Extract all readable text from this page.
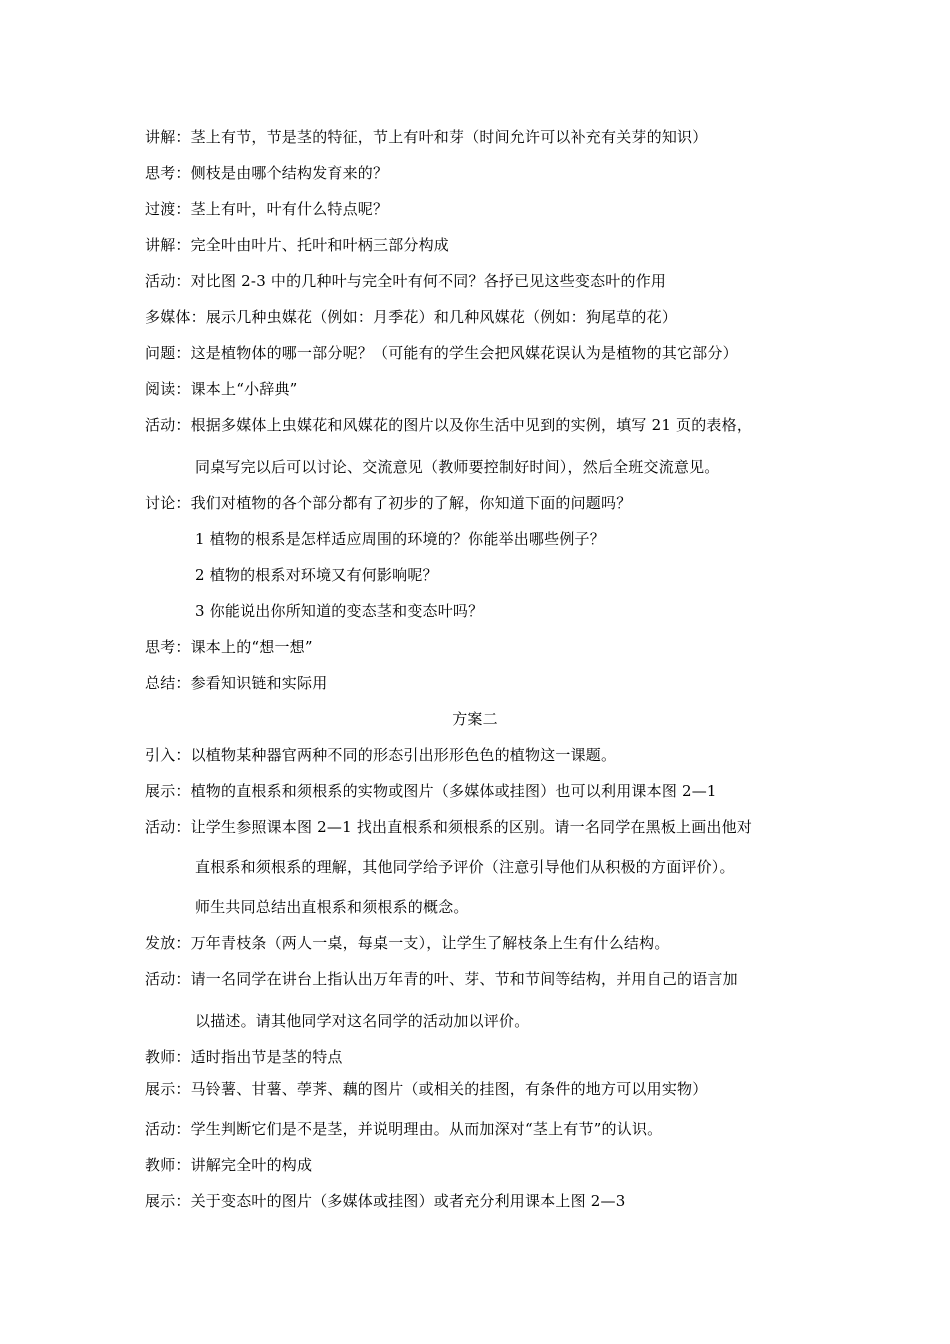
讲解：茎上有节，节是茎的特征，节上有叶和芽（时间允许可以补充有关芽的知识）
思考：侧枝是由哪个结构发育来的？
过渡：茎上有叶，叶有什么特点呢？
讲解：完全叶由叶片、托叶和叶柄三部分构成
活动：对比图 2-3 中的几种叶与完全叶有何不同？各抒已见这些变态叶的作用
多媒体：展示几种虫媒花（例如：月季花）和几种风媒花（例如：狗尾草的花）
问题：这是植物体的哪一部分呢？（可能有的学生会把风媒花误认为是植物的其它部分）
阅读：课本上“小辞典”
活动：根据多媒体上虫媒花和风媒花的图片以及你生活中见到的实例，填写 21 页的表格，
同桌写完以后可以讨论、交流意见（教师要控制好时间），然后全班交流意见。
讨论：我们对植物的各个部分都有了初步的了解，你知道下面的问题吗？
1 植物的根系是怎样适应周围的环境的？你能举出哪些例子？
2 植物的根系对环境又有何影响呢？
3 你能说出你所知道的变态茎和变态叶吗？
思考：课本上的“想一想”
总结：参看知识链和实际用
方案二
引入：以植物某种器官两种不同的形态引出形形色色的植物这一课题。
展示：植物的直根系和须根系的实物或图片（多媒体或挂图）也可以利用课本图 2—1
活动：让学生参照课本图 2—1 找出直根系和须根系的区别。请一名同学在黑板上画出他对
直根系和须根系的理解，其他同学给予评价（注意引导他们从积极的方面评价）。
师生共同总结出直根系和须根系的概念。
发放：万年青枝条（两人一桌，每桌一支），让学生了解枝条上生有什么结构。
活动：请一名同学在讲台上指认出万年青的叶、芽、节和节间等结构，并用自己的语言加
以描述。请其他同学对这名同学的活动加以评价。
教师：适时指出节是茎的特点
展示：马铃薯、甘薯、荸荠、藕的图片（或相关的挂图，有条件的地方可以用实物）
活动：学生判断它们是不是茎，并说明理由。从而加深对“茎上有节”的认识。
教师：讲解完全叶的构成
展示：关于变态叶的图片（多媒体或挂图）或者充分利用课本上图 2—3
